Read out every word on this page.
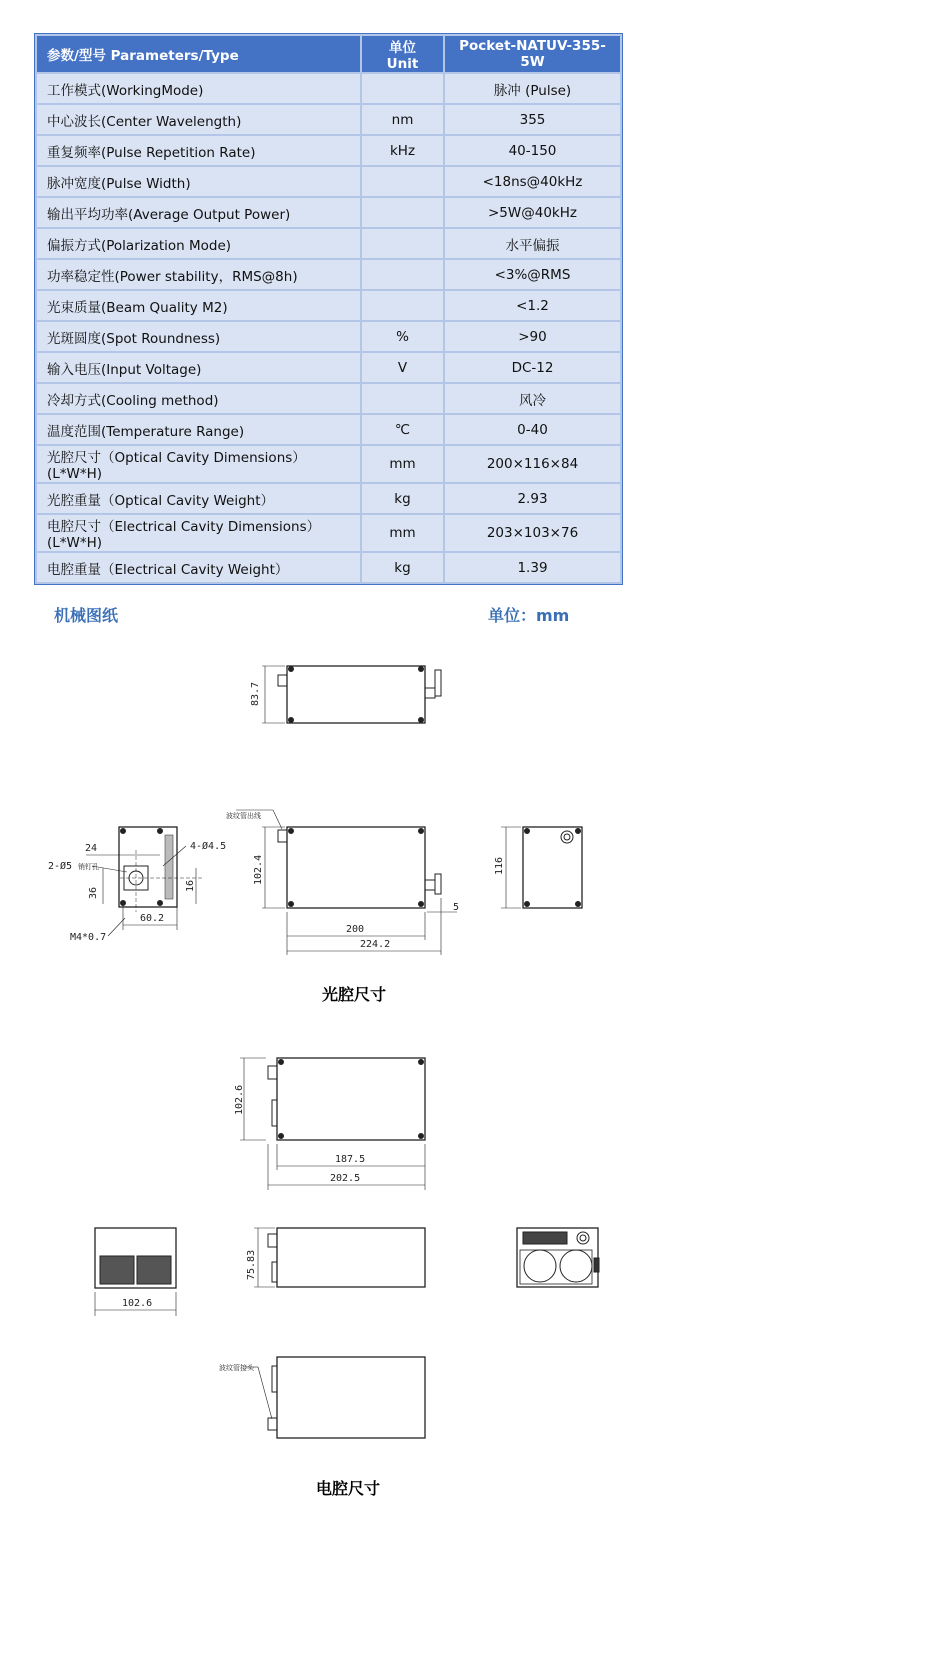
参数/型号 Parameters/Type	单位 Unit	Pocket-NATUV-355-5W
工作模式(WorkingMode)		脉冲 (Pulse)
中心波长(Center Wavelength)	nm	355
重复频率(Pulse Repetition Rate)	kHz	40-150
脉冲宽度(Pulse Width)		<18ns@40kHz
输出平均功率(Average Output Power)		>5W@40kHz
偏振方式(Polarization Mode)		水平偏振
功率稳定性(Power stability，RMS@8h)		<3%@RMS
光束质量(Beam Quality M2)		<1.2
光斑圆度(Spot Roundness)	%	>90
输入电压(Input Voltage)	V	DC-12
冷却方式(Cooling method)		风冷
温度范围(Temperature Range)	℃	0-40
光腔尺寸（Optical Cavity Dimensions）(L*W*H)	mm	200×116×84
光腔重量（Optical Cavity Weight）	kg	2.93
电腔尺寸（Electrical Cavity Dimensions）(L*W*H)	mm	203×103×76
电腔重量（Electrical Cavity Weight）	kg	1.39
机械图纸	单位：mm
83.7
24	4-Ø4.5
2-Ø5 销钉孔
36
16
60.2
M4*0.7
102.4
200
224.2
5
波纹管出线
116
102.6
187.5
202.5
102.6
75.83
波纹管接头
光腔尺寸
电腔尺寸
